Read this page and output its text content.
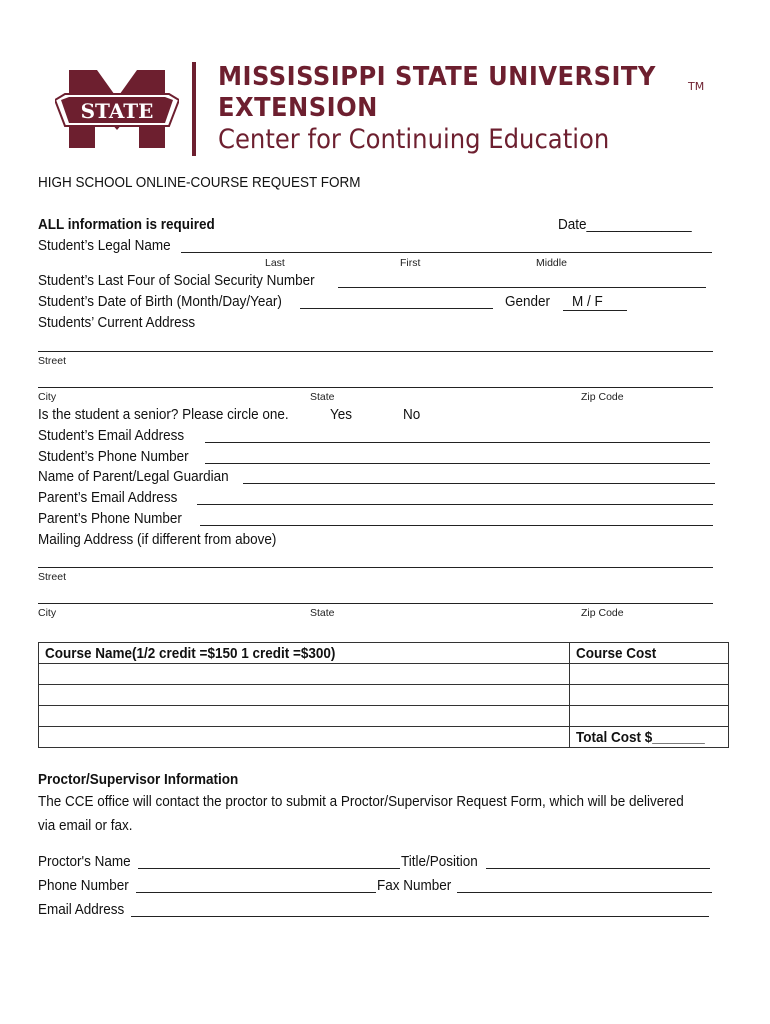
STATE
MISSISSIPPI STATE UNIVERSITY	TM
EXTENSION
Center for Continuing Education
HIGH SCHOOL ONLINE-COURSE REQUEST FORM
ALL information is required	Date______________
Student’s Legal Name
Last	First	Middle
Student’s Last Four of Social Security Number
Student’s Date of Birth (Month/Day/Year)	Gender	M / F
Students’ Current Address
Street
City	State	Zip Code
Is the student a senior? Please circle one.	Yes	No
Student’s Email Address
Student’s Phone Number
Name of Parent/Legal Guardian
Parent’s Email Address
Parent’s Phone Number
Mailing Address (if different from above)
Street
City	State	Zip Code
Course Name(1/2 credit =$150 1 credit =$300)	Course Cost

	Total Cost $_______
Proctor/Supervisor Information
The CCE office will contact the proctor to submit a Proctor/Supervisor Request Form, which will be delivered
via email or fax.
Proctor's Name	Title/Position
Phone Number	Fax Number
Email Address
